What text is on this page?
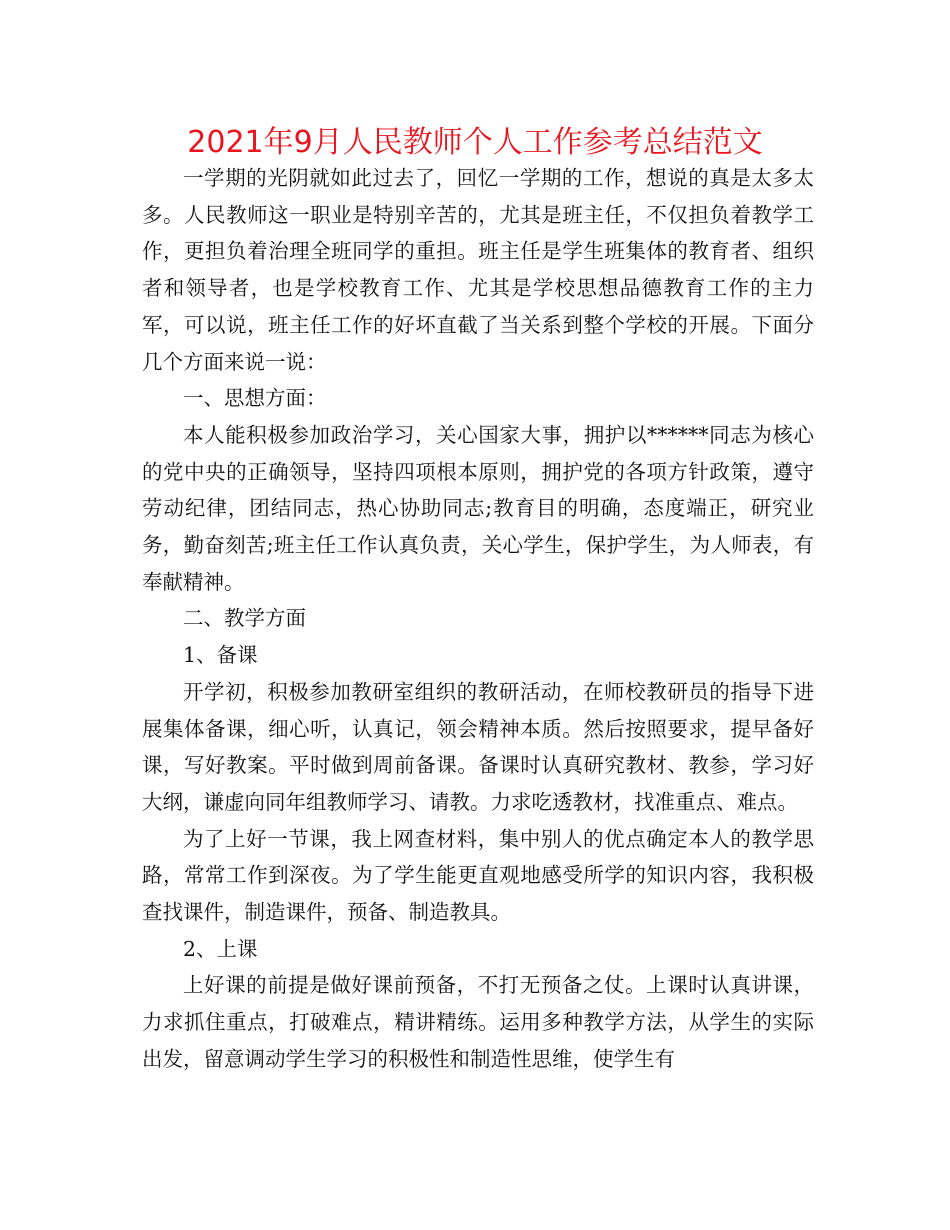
2021年9月人民教师个人工作参考总结范文

一学期的光阴就如此过去了，回忆一学期的工作，想说的真是太多太多。人民教师这一职业是特别辛苦的，尤其是班主任，不仅担负着教学工作，更担负着治理全班同学的重担。班主任是学生班集体的教育者、组织者和领导者，也是学校教育工作、尤其是学校思想品德教育工作的主力军，可以说，班主任工作的好坏直截了当关系到整个学校的开展。下面分几个方面来说一说：

一、思想方面：

本人能积极参加政治学习，关心国家大事，拥护以******同志为核心的党中央的正确领导，坚持四项根本原则，拥护党的各项方针政策，遵守劳动纪律，团结同志，热心协助同志;教育目的明确，态度端正，研究业务，勤奋刻苦;班主任工作认真负责，关心学生，保护学生，为人师表，有奉献精神。

二、教学方面

1、备课

开学初，积极参加教研室组织的教研活动，在师校教研员的指导下进展集体备课，细心听，认真记，领会精神本质。然后按照要求，提早备好课，写好教案。平时做到周前备课。备课时认真研究教材、教参，学习好大纲，谦虚向同年组教师学习、请教。力求吃透教材，找准重点、难点。

为了上好一节课，我上网查材料，集中别人的优点确定本人的教学思路，常常工作到深夜。为了学生能更直观地感受所学的知识内容，我积极查找课件，制造课件，预备、制造教具。

2、上课

上好课的前提是做好课前预备，不打无预备之仗。上课时认真讲课，力求抓住重点，打破难点，精讲精练。运用多种教学方法，从学生的实际出发，留意调动学生学习的积极性和制造性思维，使学生有
